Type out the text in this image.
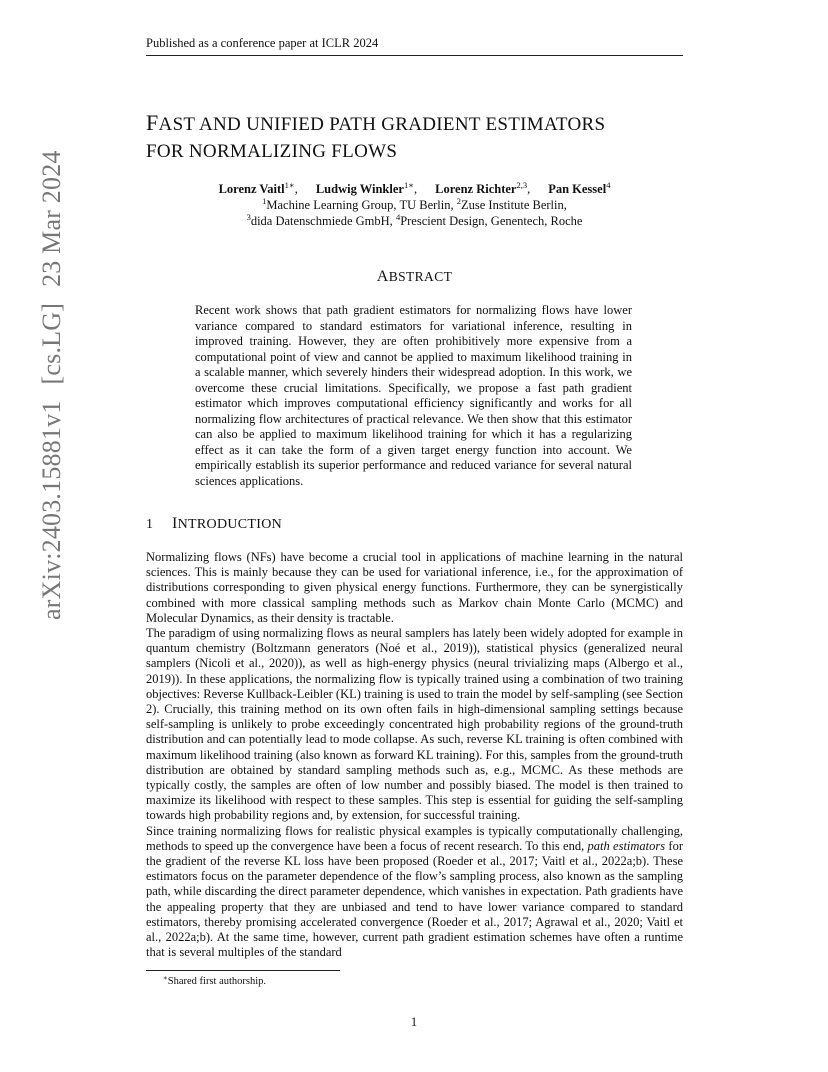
Published as a conference paper at ICLR 2024
arXiv:2403.15881v1[cs.LG]23 Mar 2024
FAST AND UNIFIED PATH GRADIENT ESTIMATORS
FOR NORMALIZING FLOWS
Lorenz Vaitl$^{1∗}$, Ludwig Winkler$^{1∗}$, Lorenz Richter$^{2,3}$, Pan Kessel$^4$
$^1$Machine Learning Group, TU Berlin, $^2$Zuse Institute Berlin,
$^3$dida Datenschmiede GmbH, $^4$Prescient Design, Genentech, Roche
ABSTRACT
Recent work shows that path gradient estimators for normalizing flows have lower variance compared to standard estimators for variational inference, resulting in improved training. However, they are often prohibitively more expensive from a computational point of view and cannot be applied to maximum likelihood training in a scalable manner, which severely hinders their widespread adoption. In this work, we overcome these crucial limitations. Specifically, we propose a fast path gradient estimator which improves computational efficiency significantly and works for all normalizing flow architectures of practical relevance. We then show that this estimator can also be applied to maximum likelihood training for which it has a regularizing effect as it can take the form of a given target energy function into account. We empirically establish its superior performance and reduced variance for several natural sciences applications.
1 INTRODUCTION

Normalizing flows (NFs) have become a crucial tool in applications of machine learning in the natural sciences. This is mainly because they can be used for variational inference, i.e., for the approximation of distributions corresponding to given physical energy functions. Furthermore, they can be synergistically combined with more classical sampling methods such as Markov chain Monte Carlo (MCMC) and Molecular Dynamics, as their density is tractable.

The paradigm of using normalizing flows as neural samplers has lately been widely adopted for example in quantum chemistry (Boltzmann generators (Noé et al., 2019)), statistical physics (generalized neural samplers (Nicoli et al., 2020)), as well as high-energy physics (neural trivializing maps (Albergo et al., 2019)). In these applications, the normalizing flow is typically trained using a combination of two training objectives: Reverse Kullback-Leibler (KL) training is used to train the model by self-sampling (see Section 2). Crucially, this training method on its own often fails in high-dimensional sampling settings because self-sampling is unlikely to probe exceedingly concentrated high probability regions of the ground-truth distribution and can potentially lead to mode collapse. As such, reverse KL training is often combined with maximum likelihood training (also known as forward KL training). For this, samples from the ground-truth distribution are obtained by standard sampling methods such as, e.g., MCMC. As these methods are typically costly, the samples are often of low number and possibly biased. The model is then trained to maximize its likelihood with respect to these samples. This step is essential for guiding the self-sampling towards high probability regions and, by extension, for successful training.

Since training normalizing flows for realistic physical examples is typically computationally challenging, methods to speed up the convergence have been a focus of recent research. To this end, path estimators for the gradient of the reverse KL loss have been proposed (Roeder et al., 2017; Vaitl et al., 2022a;b). These estimators focus on the parameter dependence of the flow’s sampling process, also known as the sampling path, while discarding the direct parameter dependence, which vanishes in expectation. Path gradients have the appealing property that they are unbiased and tend to have lower variance compared to standard estimators, thereby promising accelerated convergence (Roeder et al., 2017; Agrawal et al., 2020; Vaitl et al., 2022a;b). At the same time, however, current path gradient estimation schemes have often a runtime that is several multiples of the standard

∗Shared first authorship.
1
